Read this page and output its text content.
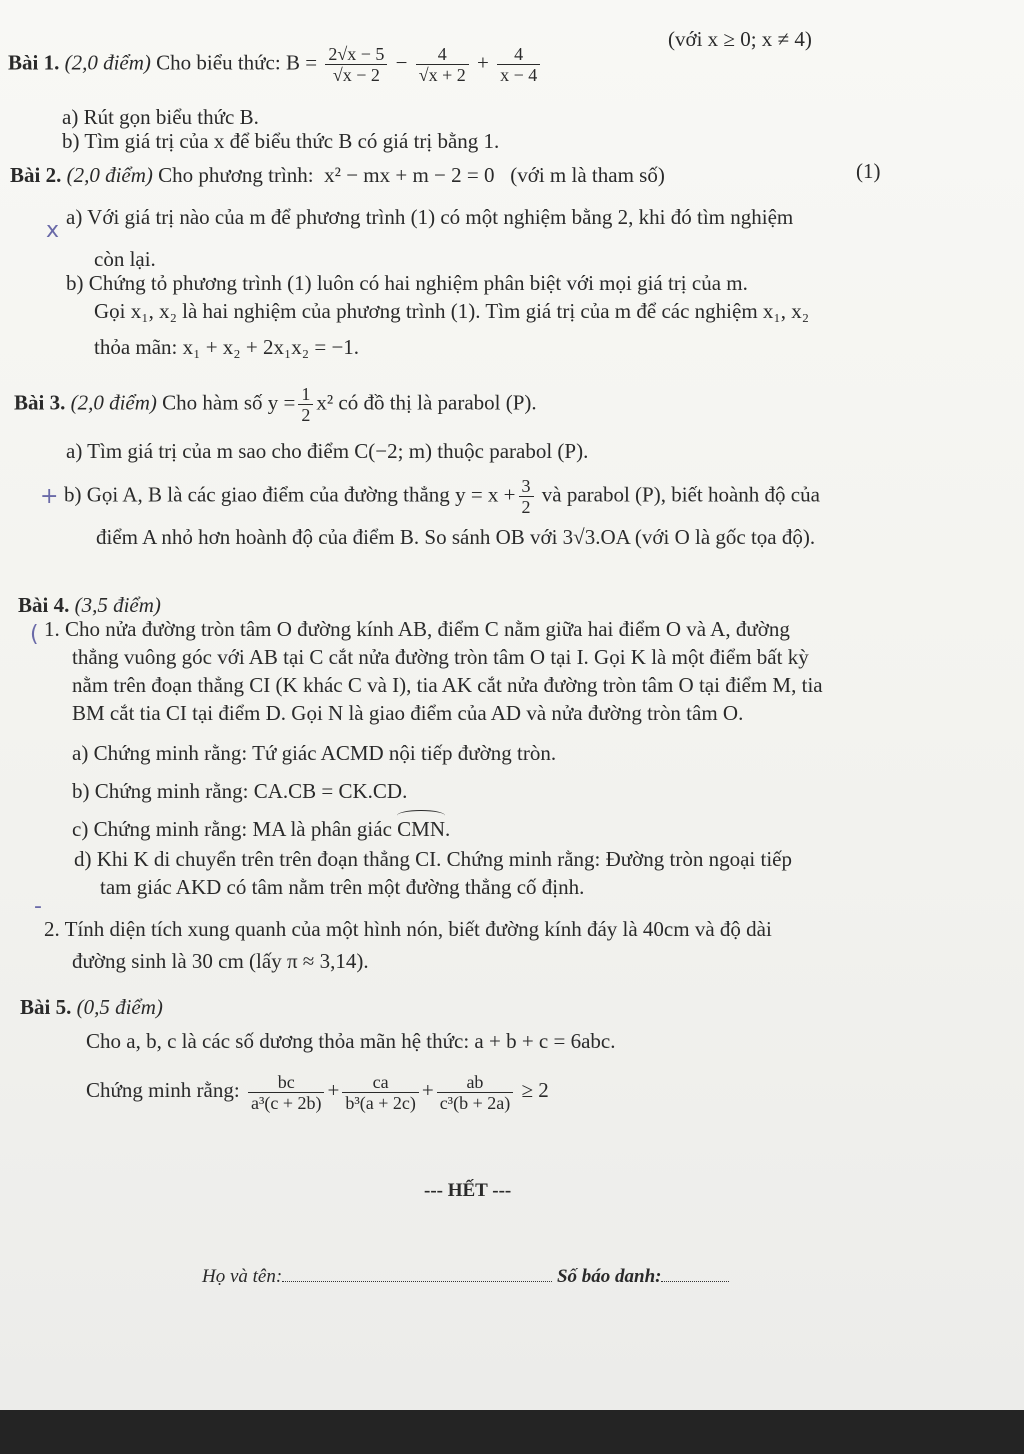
Bài 1. (2,0 điểm) Cho biểu thức: $B = \frac{2√x - 5}{√x - 2} - \frac{4}{√x + 2} + \frac{4}{x - 4}$
(với x ≥ 0; x ≠ 4)
a) Rút gọn biểu thức B.
b) Tìm giá trị của x để biểu thức B có giá trị bằng 1.
Bài 2. (2,0 điểm) Cho phương trình: x² − mx + m − 2 = 0 (với m là tham số)	(1)
x
a) Với giá trị nào của m để phương trình (1) có một nghiệm bằng 2, khi đó tìm nghiệm
còn lại.
b) Chứng tỏ phương trình (1) luôn có hai nghiệm phân biệt với mọi giá trị của m.
Gọi x₁, x₂ là hai nghiệm của phương trình (1). Tìm giá trị của m để các nghiệm x₁, x₂
thỏa mãn: x₁ + x₂ + 2x₁x₂ = −1.
Bài 3. (2,0 điểm) Cho hàm số $y = \frac{1}{2} x^2$ có đồ thị là parabol (P).
a) Tìm giá trị của m sao cho điểm C(−2; m) thuộc parabol (P).
+ b) Gọi A, B là các giao điểm của đường thẳng $y = x + \frac{3}{2}$ và parabol (P), biết hoành độ của
điểm A nhỏ hơn hoành độ của điểm B. So sánh OB với 3√3.OA (với O là gốc tọa độ).
Bài 4. (3,5 điểm)
( 1. Cho nửa đường tròn tâm O đường kính AB, điểm C nằm giữa hai điểm O và A, đường
thẳng vuông góc với AB tại C cắt nửa đường tròn tâm O tại I. Gọi K là một điểm bất kỳ
nằm trên đoạn thẳng CI (K khác C và I), tia AK cắt nửa đường tròn tâm O tại điểm M, tia
BM cắt tia CI tại điểm D. Gọi N là giao điểm của AD và nửa đường tròn tâm O.
a) Chứng minh rằng: Tứ giác ACMD nội tiếp đường tròn.
b) Chứng minh rằng: CA.CB = CK.CD.
c) Chứng minh rằng: MA là phân giác CMN.
d) Khi K di chuyển trên trên đoạn thẳng CI. Chứng minh rằng: Đường tròn ngoại tiếp
tam giác AKD có tâm nằm trên một đường thẳng cố định.
-
2. Tính diện tích xung quanh của một hình nón, biết đường kính đáy là 40cm và độ dài
đường sinh là 30 cm (lấy π ≈ 3,14).
Bài 5. (0,5 điểm)
Cho a, b, c là các số dương thỏa mãn hệ thức: a + b + c = 6abc.
Chứng minh rằng: $\frac{bc}{\text{a³(c + 2b)}} + \frac{ca}{\text{b³(a + 2c)}} + \frac{ab}{\text{c³(b + 2a)}} \ge 2$
--- HẾT ---
Họ và tên:	Số báo danh:
